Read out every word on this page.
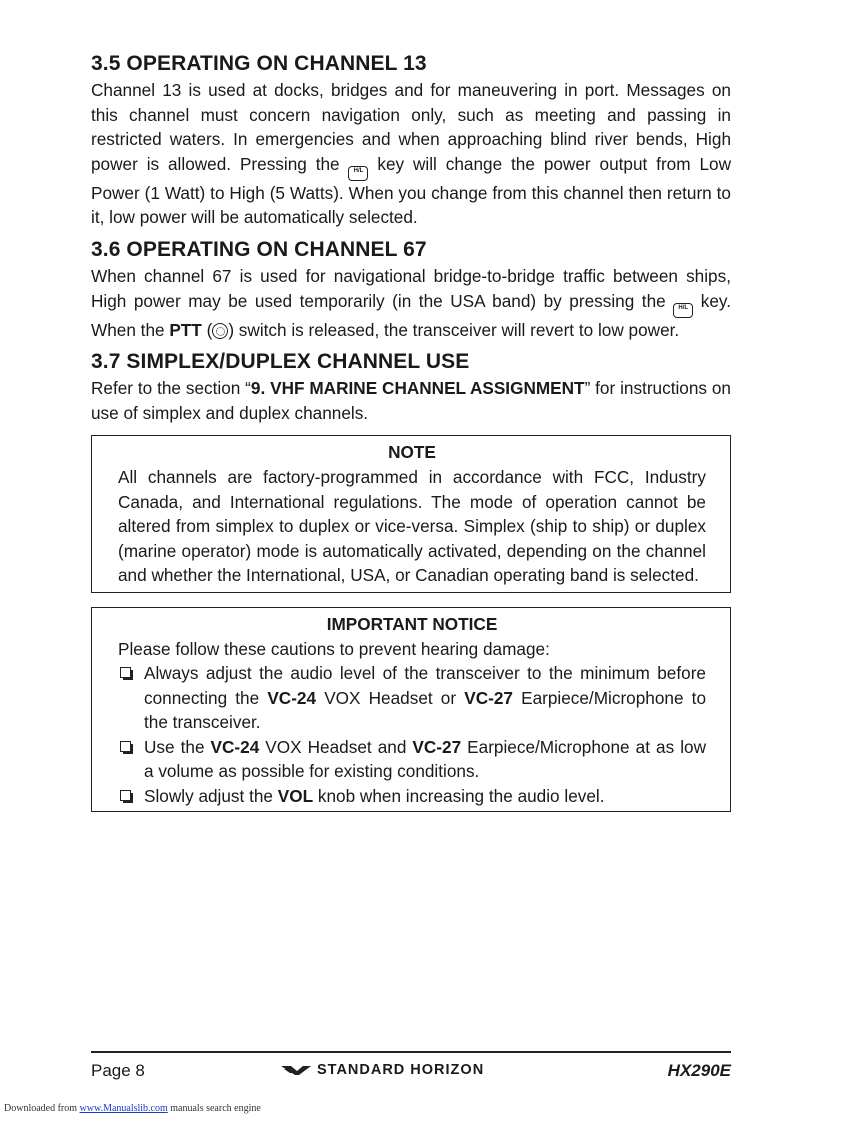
3.5 OPERATING ON CHANNEL 13

Channel 13 is used at docks, bridges and for maneuvering in port. Messages on this channel must concern navigation only, such as meeting and passing in restricted waters. In emergencies and when approaching blind river bends, High power is allowed. Pressing the H/L key will change the power output from Low Power (1 Watt) to High (5 Watts). When you change from this channel then return to it, low power will be automatically selected.

3.6 OPERATING ON CHANNEL 67

When channel 67 is used for navigational bridge-to-bridge traffic between ships, High power may be used temporarily (in the USA band) by pressing the H/L key. When the PTT ( ) switch is released, the transceiver will revert to low power.

3.7 SIMPLEX/DUPLEX CHANNEL USE

Refer to the section “9. VHF MARINE CHANNEL ASSIGNMENT” for instructions on use of simplex and duplex channels.

NOTE

All channels are factory-programmed in accordance with FCC, Industry Canada, and International regulations. The mode of operation cannot be altered from simplex to duplex or vice-versa. Simplex (ship to ship) or duplex (marine operator) mode is automatically activated, depending on the channel and whether the International, USA, or Canadian operating band is selected.

IMPORTANT NOTICE

Please follow these cautions to prevent hearing damage:

Always adjust the audio level of the transceiver to the minimum before connecting the VC-24 VOX Headset or VC-27 Earpiece/Microphone to the transceiver.
Use the VC-24 VOX Headset and VC-27 Earpiece/Microphone at as low a volume as possible for existing conditions.
Slowly adjust the VOL knob when increasing the audio level.
Page 8	STANDARD HORIZON	HX290E
Downloaded from www.Manualslib.com manuals search engine
